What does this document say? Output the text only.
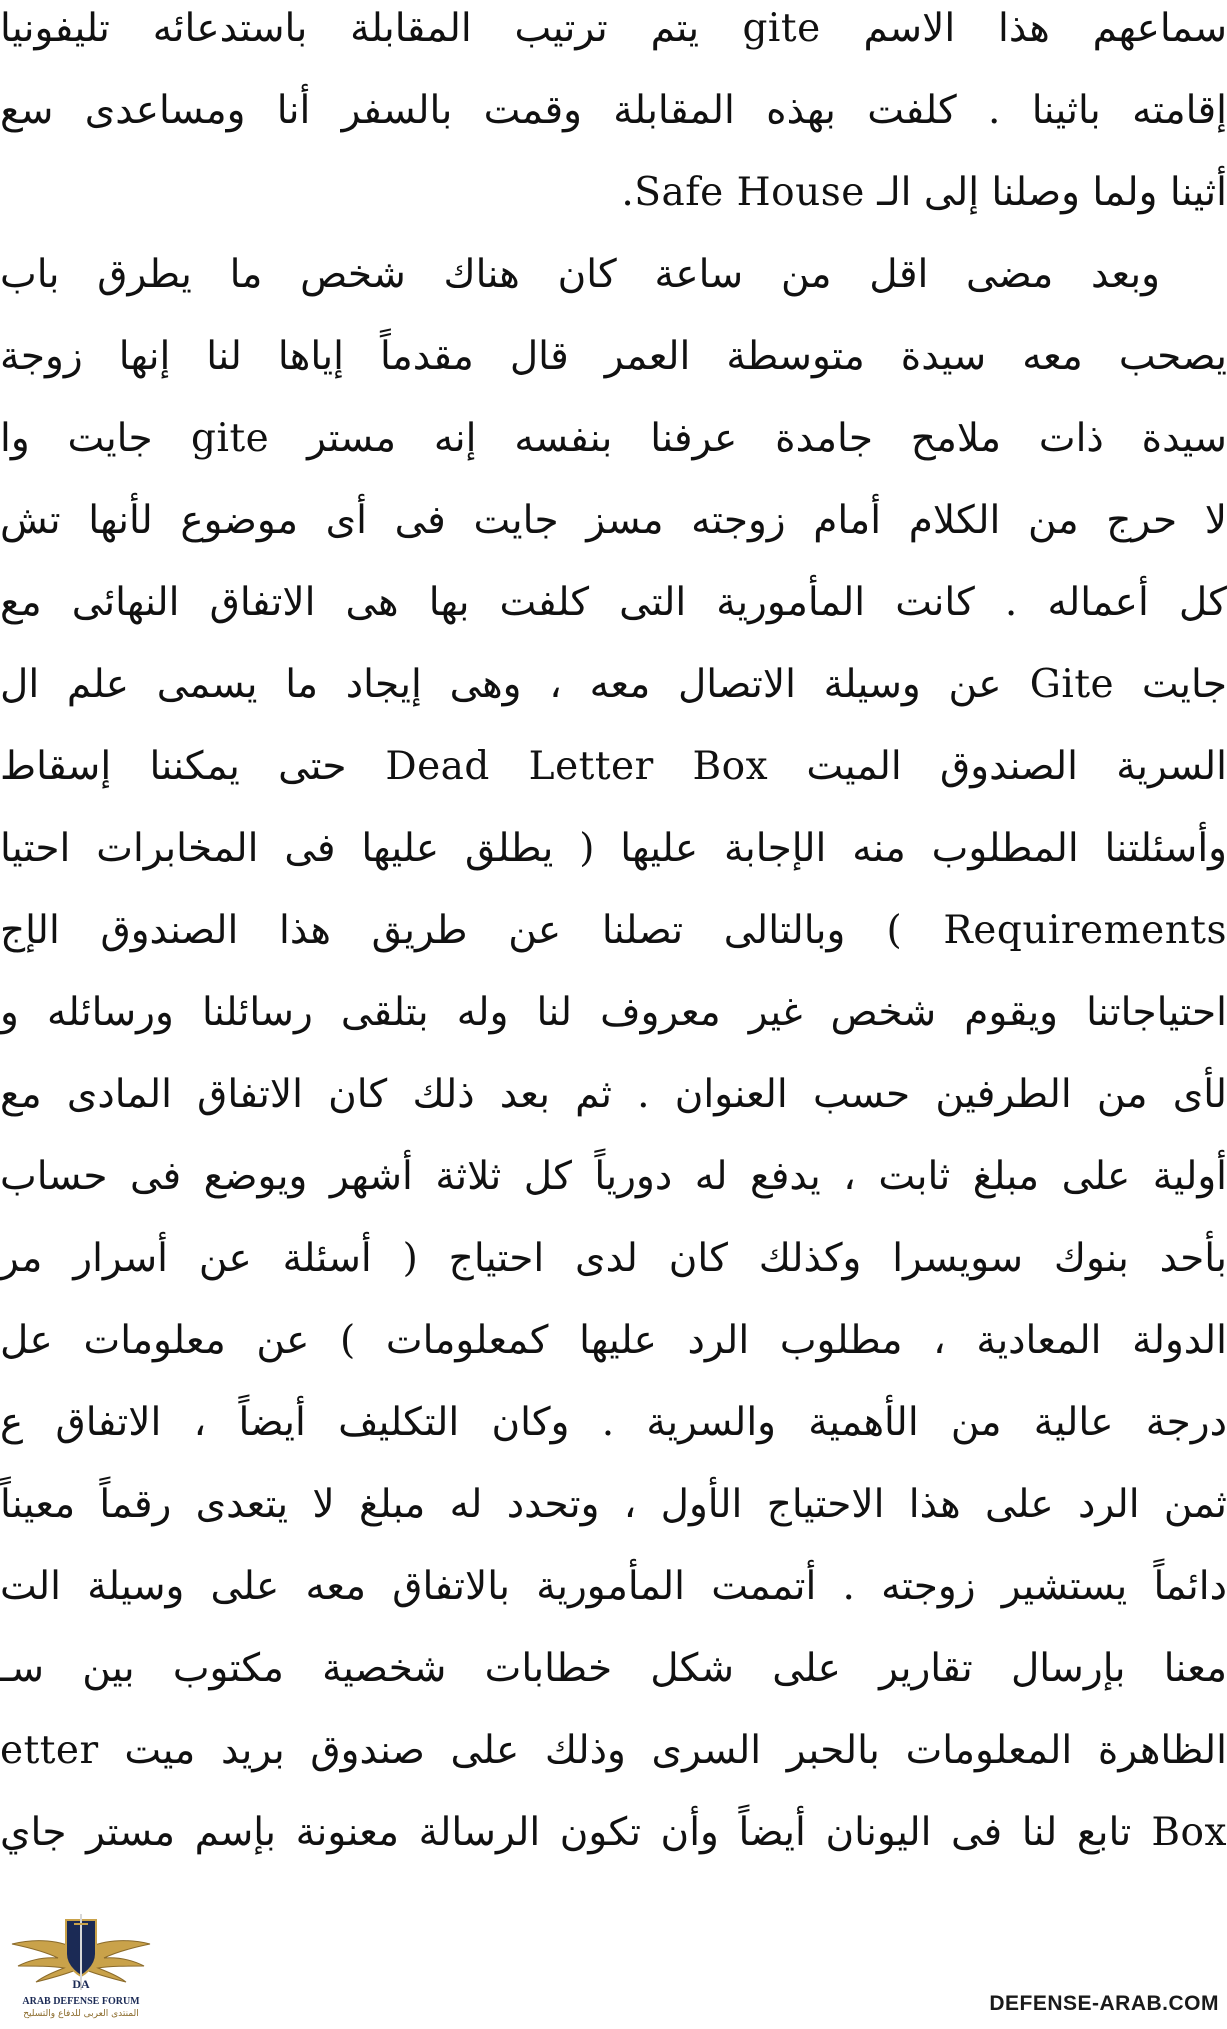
سماعهم هذا الاسم gite يتم ترتيب المقابلة باستدعائه تليفونيا
إقامته باثينا . كلفت بهذه المقابلة وقمت بالسفر أنا ومساعدى سع
أثينا ولما وصلنا إلى الـ Safe House.
وبعد مضى اقل من ساعة كان هناك شخص ما يطرق باب
يصحب معه سيدة متوسطة العمر قال مقدماً إياها لنا إنها زوجة
سيدة ذات ملامح جامدة عرفنا بنفسه إنه مستر gite جايت وا
لا حرج من الكلام أمام زوجته مسز جايت فى أى موضوع لأنها تش
كل أعماله . كانت المأمورية التى كلفت بها هى الاتفاق النهائى مع
جايت Gite عن وسيلة الاتصال معه ، وهى إيجاد ما يسمى علم ال
السرية الصندوق الميت Dead Letter Box حتى يمكننا إسقاط
وأسئلتنا المطلوب منه الإجابة عليها ( يطلق عليها فى المخابرات احتيا
Requirements ) وبالتالى تصلنا عن طريق هذا الصندوق الإج
احتياجاتنا ويقوم شخص غير معروف لنا وله بتلقى رسائلنا ورسائله و
لأى من الطرفين حسب العنوان . ثم بعد ذلك كان الاتفاق المادى مع
أولية على مبلغ ثابت ، يدفع له دورياً كل ثلاثة أشهر ويوضع فى حساب
بأحد بنوك سويسرا وكذلك كان لدى احتياج ( أسئلة عن أسرار مر
الدولة المعادية ، مطلوب الرد عليها كمعلومات ) عن معلومات عل
درجة عالية من الأهمية والسرية . وكان التكليف أيضاً ، الاتفاق ع
ثمن الرد على هذا الاحتياج الأول ، وتحدد له مبلغ لا يتعدى رقماً معيناً
دائماً يستشير زوجته . أتممت المأمورية بالاتفاق معه على وسيلة الت
معنا بإرسال تقارير على شكل خطابات شخصية مكتوب بين سـ
الظاهرة المعلومات بالحبر السرى وذلك على صندوق بريد ميت etter
Box تابع لنا فى اليونان أيضاً وأن تكون الرسالة معنونة بإسم مستر جاي
DA
ARAB DEFENSE FORUM
المنتدى العربى للدفاع والتسليح	DEFENSE-ARAB.COM
